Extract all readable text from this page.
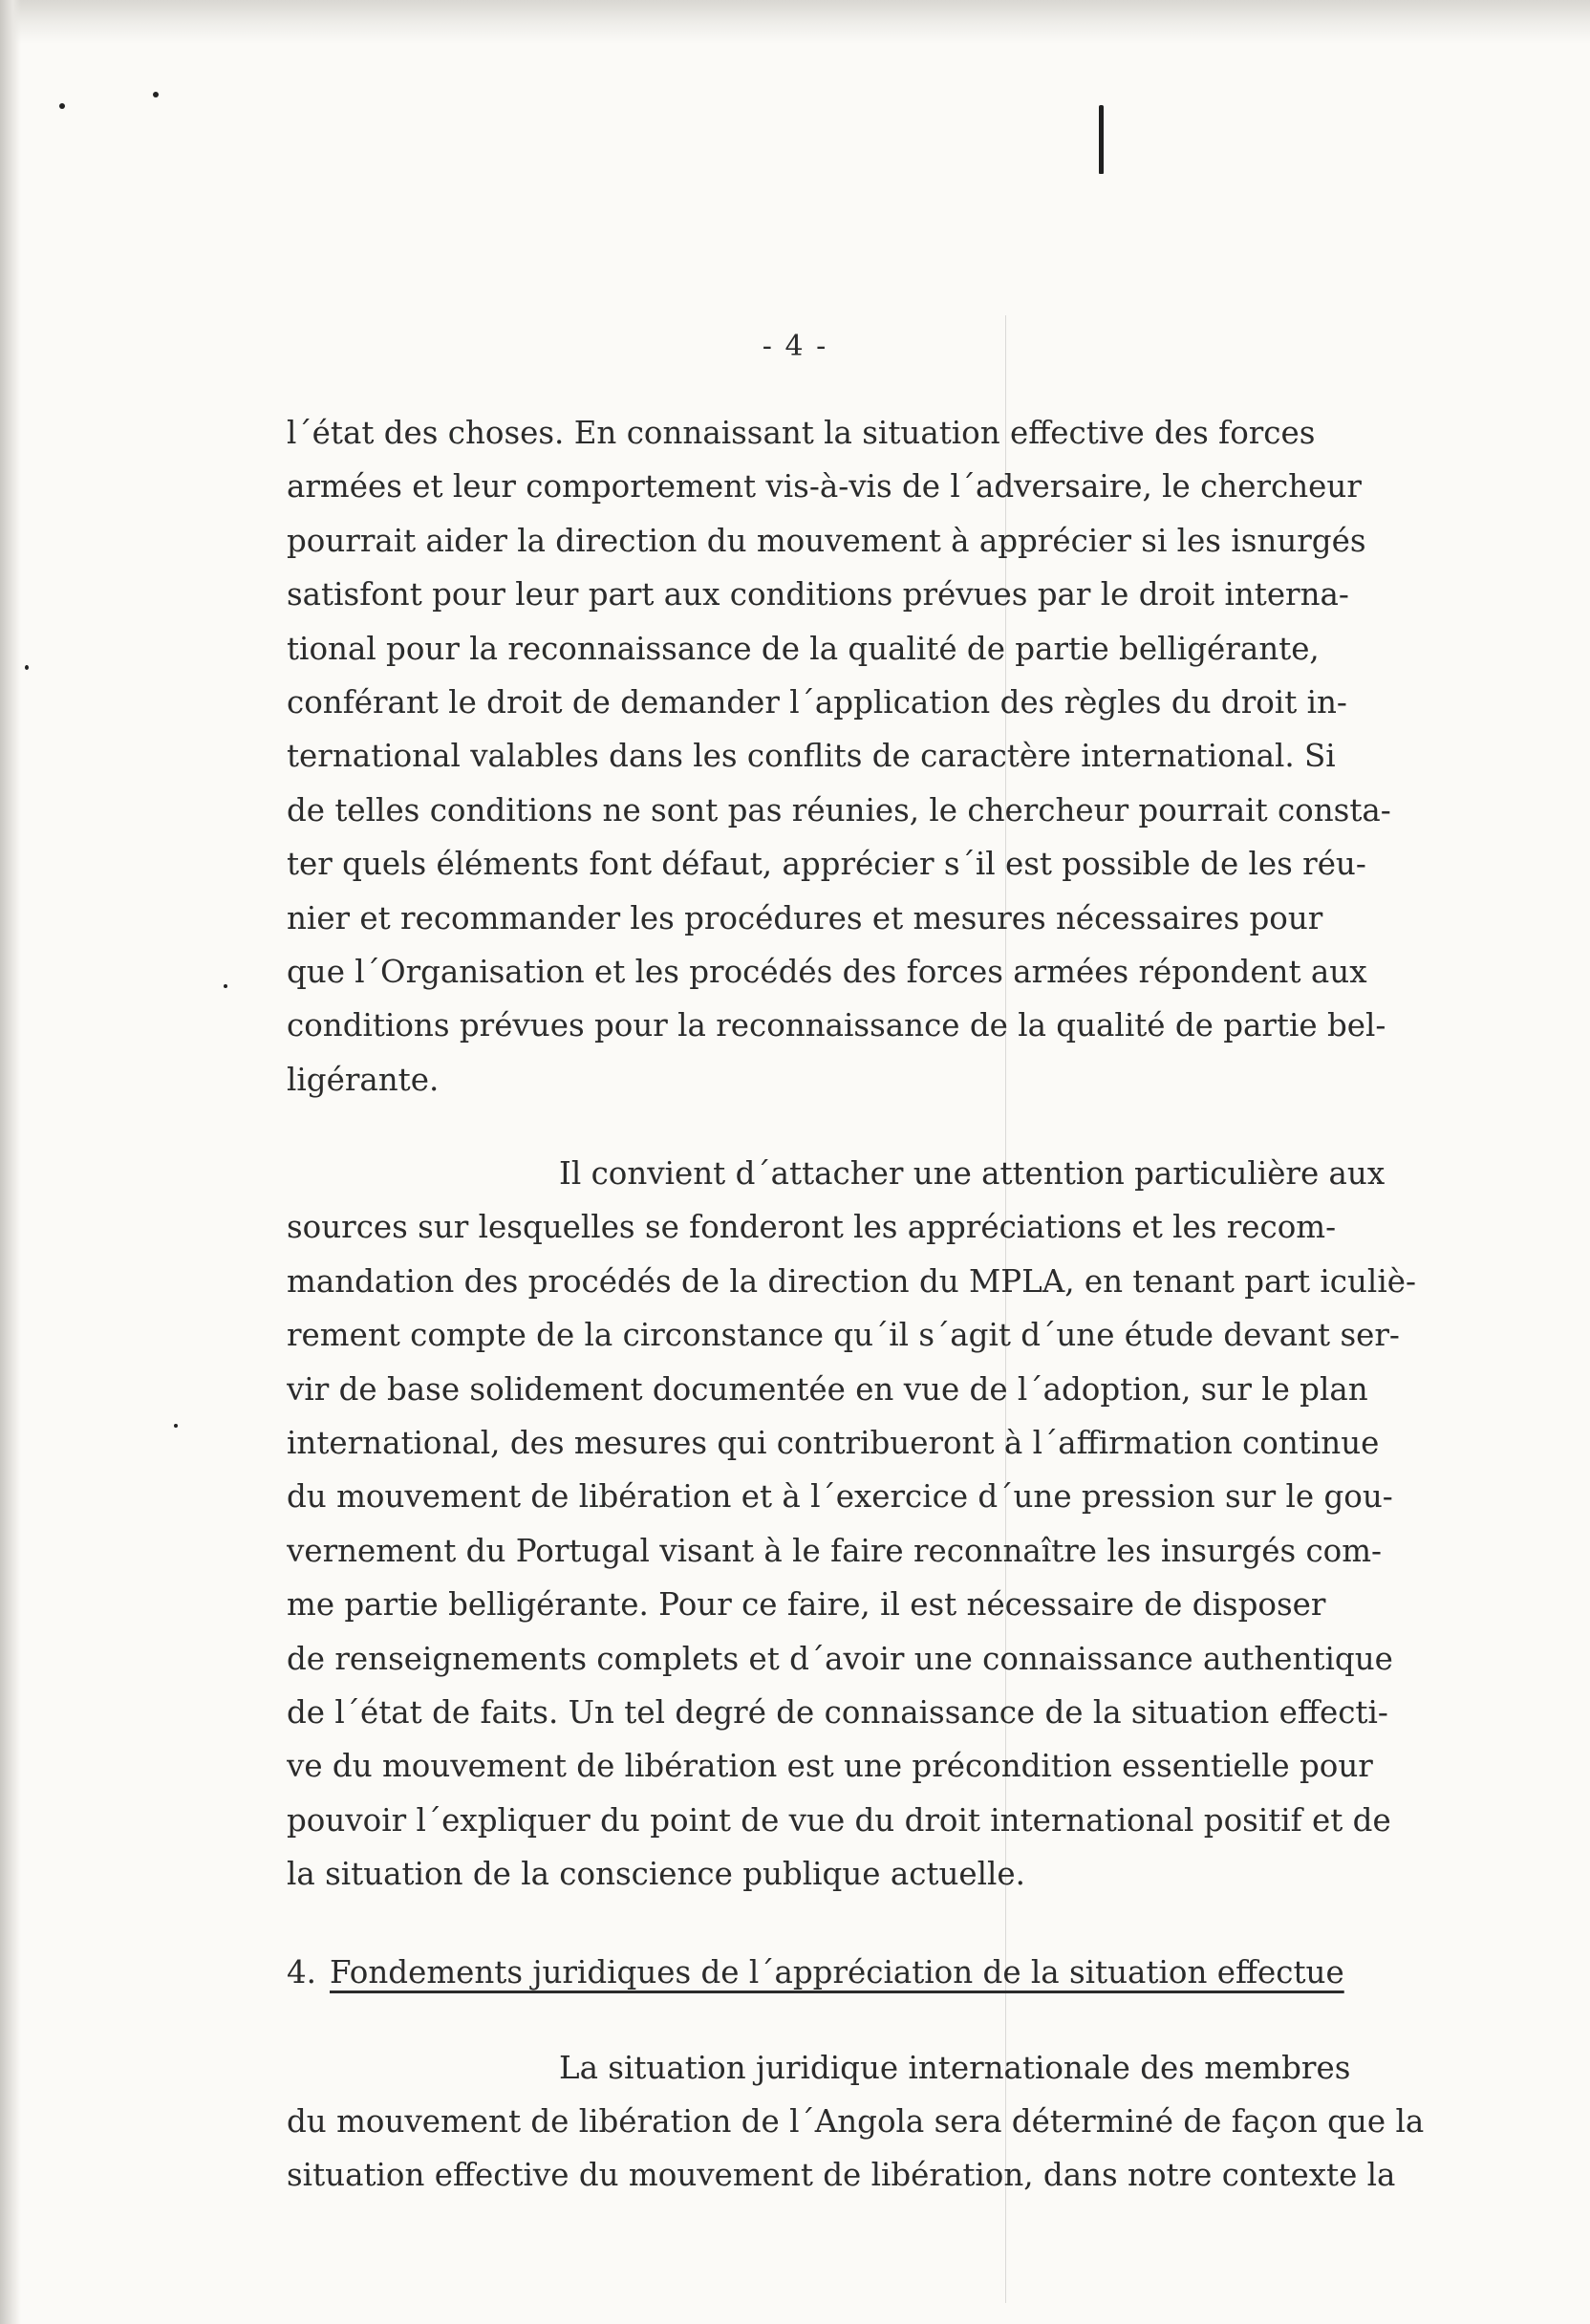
- 4 -
l´état des choses. En connaissant la situation effective des forces
armées et leur comportement vis-à-vis de l´adversaire, le chercheur
pourrait aider la direction du mouvement à apprécier si les isnurgés
satisfont pour leur part aux conditions prévues par le droit interna-
tional pour la reconnaissance de la qualité de partie belligérante,
conférant le droit de demander l´application des règles du droit in-
ternational valables dans les conflits de caractère international. Si
de telles conditions ne sont pas réunies, le chercheur pourrait consta-
ter quels éléments font défaut, apprécier s´il est possible de les réu-
nier et recommander les procédures et mesures nécessaires pour
que l´Organisation et les procédés des forces armées répondent aux
conditions prévues pour la reconnaissance de la qualité de partie bel-
ligérante.
Il convient d´attacher une attention particulière aux
sources sur lesquelles se fonderont les appréciations et les recom-
mandation des procédés de la direction du MPLA, en tenant part iculiè-
rement compte de la circonstance qu´il s´agit d´une étude devant ser-
vir de base solidement documentée en vue de l´adoption, sur le plan
international, des mesures qui contribueront à l´affirmation continue
du mouvement de libération et à l´exercice d´une pression sur le gou-
vernement du Portugal visant à le faire reconnaître les insurgés com-
me partie belligérante. Pour ce faire, il est nécessaire de disposer
de renseignements complets et d´avoir une connaissance authentique
de l´état de faits. Un tel degré de connaissance de la situation effecti-
ve du mouvement de libération est une précondition essentielle pour
pouvoir l´expliquer du point de vue du droit international positif et de
la situation de la conscience publique actuelle.
4. Fondements juridiques de l´appréciation de la situation effectue
La situation juridique internationale des membres
du mouvement de libération de l´Angola sera déterminé de façon que la
situation effective du mouvement de libération, dans notre contexte la
